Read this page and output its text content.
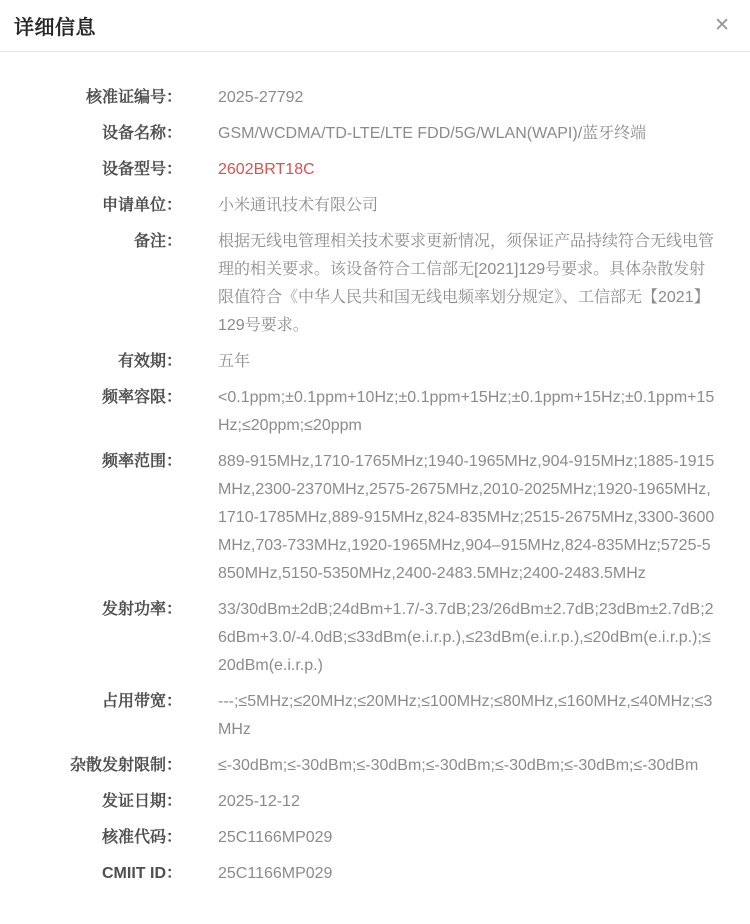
详细信息	✕
核准证编号： 2025-27792
设备名称： GSM/WCDMA/TD-LTE/LTE FDD/5G/WLAN(WAPI)/蓝牙终端
设备型号： 2602BRT18C
申请单位： 小米通讯技术有限公司
备注： 根据无线电管理相关技术要求更新情况，须保证产品持续符合无线电管理的相关要求。该设备符合工信部无[2021]129号要求。具体杂散发射限值符合《中华人民共和国无线电频率划分规定》、工信部无【2021】129号要求。
有效期： 五年
频率容限： <0.1ppm;±0.1ppm+10Hz;±0.1ppm+15Hz;±0.1ppm+15Hz;±0.1ppm+15Hz;≤20ppm;≤20ppm
频率范围： 889-915MHz,1710-1765MHz;1940-1965MHz,904-915MHz;1885-1915MHz,2300-2370MHz,2575-2675MHz,2010-2025MHz;1920-1965MHz,1710-1785MHz,889-915MHz,824-835MHz;2515-2675MHz,3300-3600MHz,703-733MHz,1920-1965MHz,904–915MHz,824-835MHz;5725-5850MHz,5150-5350MHz,2400-2483.5MHz;2400-2483.5MHz
发射功率： 33/30dBm±2dB;24dBm+1.7/-3.7dB;23/26dBm±2.7dB;23dBm±2.7dB;26dBm+3.0/-4.0dB;≤33dBm(e.i.r.p.),≤23dBm(e.i.r.p.),≤20dBm(e.i.r.p.);≤20dBm(e.i.r.p.)
占用带宽： ---;≤5MHz;≤20MHz;≤20MHz;≤100MHz;≤80MHz,≤160MHz,≤40MHz;≤3MHz
杂散发射限制： ≤-30dBm;≤-30dBm;≤-30dBm;≤-30dBm;≤-30dBm;≤-30dBm;≤-30dBm
发证日期： 2025-12-12
核准代码： 25C1166MP029
CMIIT ID： 25C1166MP029
